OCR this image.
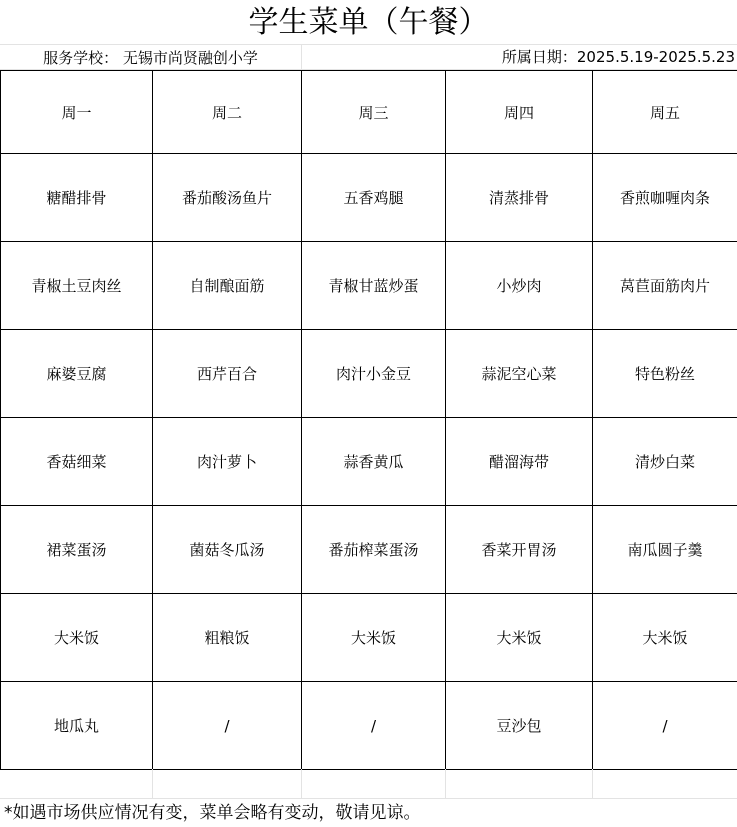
学生菜单（午餐）
服务学校： 无锡市尚贤融创小学	所属日期：2025.5.19-2025.5.23
周一	周二	周三	周四	周五
糖醋排骨	番茄酸汤鱼片	五香鸡腿	清蒸排骨	香煎咖喱肉条
青椒土豆肉丝	自制酿面筋	青椒甘蓝炒蛋	小炒肉	莴苣面筋肉片
麻婆豆腐	西芹百合	肉汁小金豆	蒜泥空心菜	特色粉丝
香菇细菜	肉汁萝卜	蒜香黄瓜	醋溜海带	清炒白菜
裙菜蛋汤	菌菇冬瓜汤	番茄榨菜蛋汤	香菜开胃汤	南瓜圆子羹
大米饭	粗粮饭	大米饭	大米饭	大米饭
地瓜丸	/	/	豆沙包	/
*如遇市场供应情况有变，菜单会略有变动，敬请见谅。
